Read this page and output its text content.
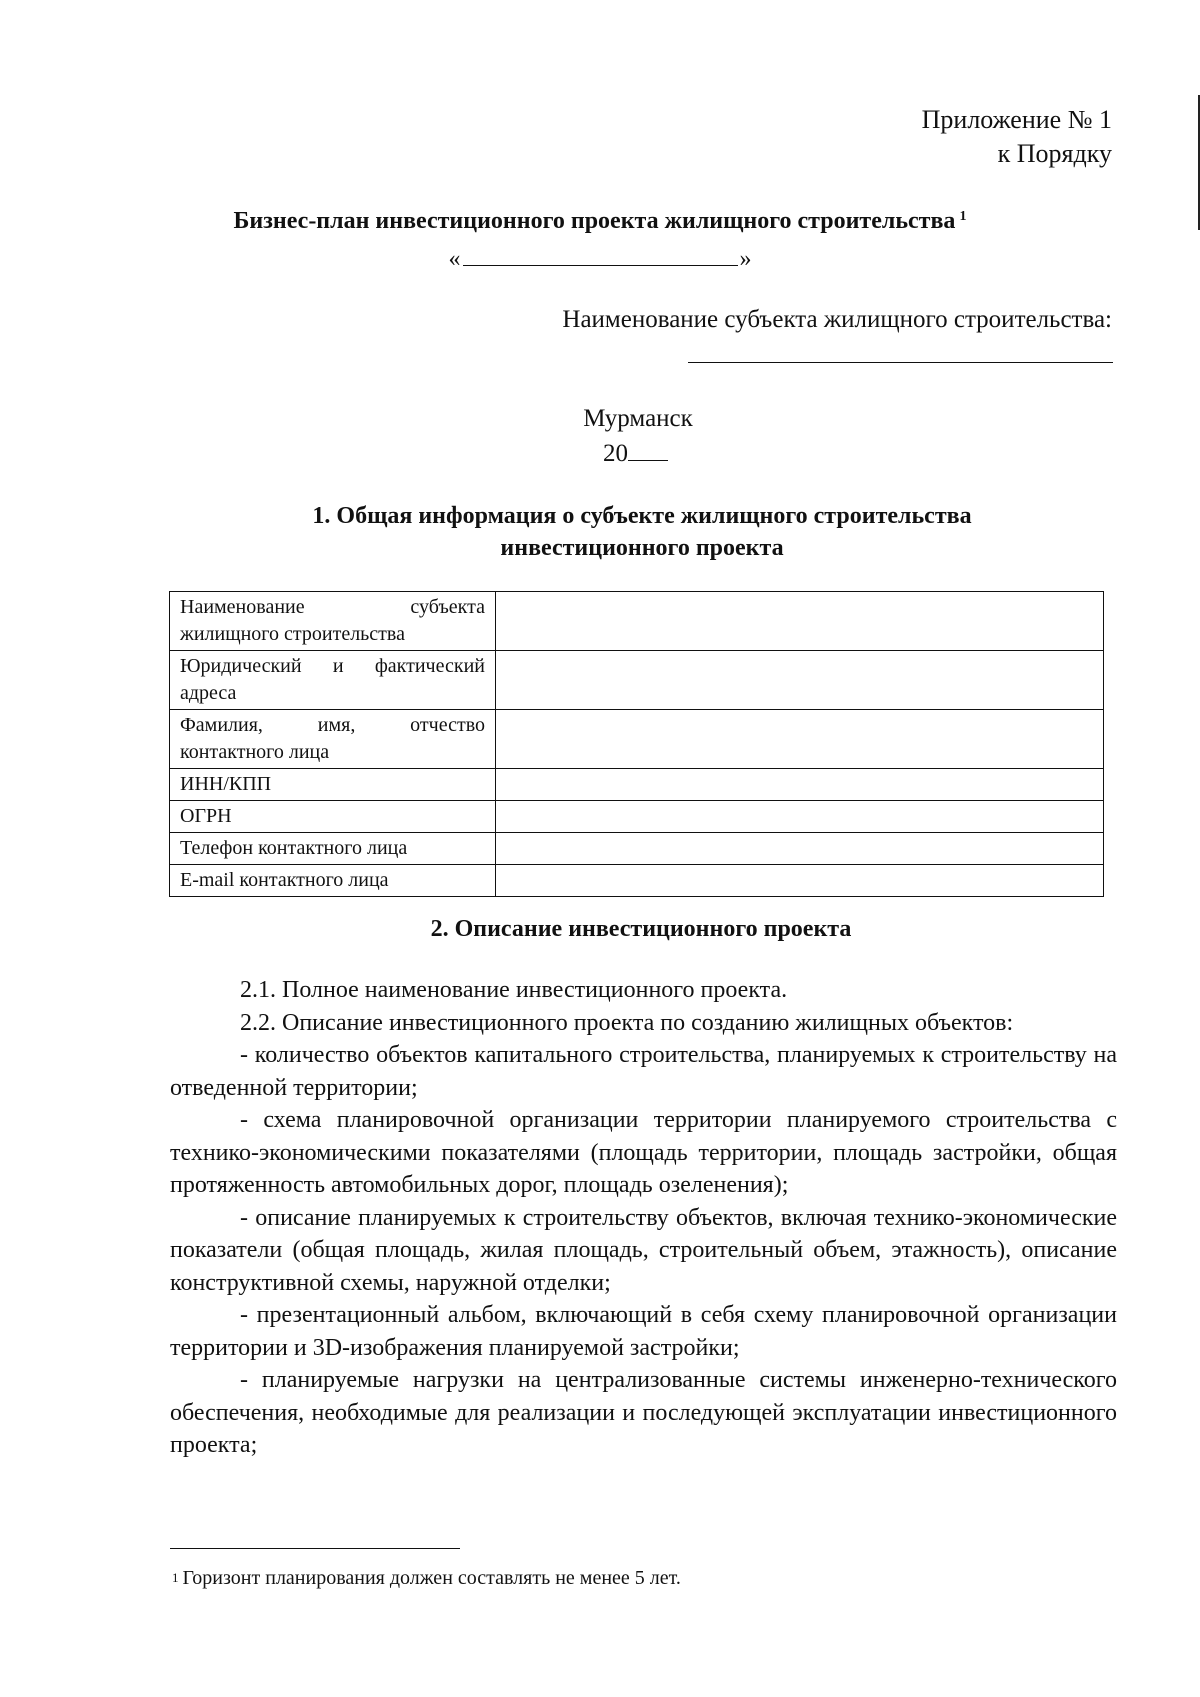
Приложение № 1
к Порядку
Бизнес-план инвестиционного проекта жилищного строительства $^1$
«	»
Наименование субъекта жилищного строительства:
Мурманск
20
1. Общая информация о субъекте жилищного строительства
инвестиционного проекта
Наименование субъекта жилищного строительства	
Юридический и фактический адреса	
Фамилия, имя, отчество контактного лица	
ИНН/КПП	
ОГРН	
Телефон контактного лица	
E-mail контактного лица	
2. Описание инвестиционного проекта

2.1. Полное наименование инвестиционного проекта.

2.2. Описание инвестиционного проекта по созданию жилищных объектов:

- количество объектов капитального строительства, планируемых к строительству на отведенной территории;

- схема планировочной организации территории планируемого строительства с технико-экономическими показателями (площадь территории, площадь застройки, общая протяженность автомобильных дорог, площадь озеленения);

- описание планируемых к строительству объектов, включая технико-экономические показатели (общая площадь, жилая площадь, строительный объем, этажность), описание конструктивной схемы, наружной отделки;

- презентационный альбом, включающий в себя схему планировочной организации территории и 3D-изображения планируемой застройки;

- планируемые нагрузки на централизованные системы инженерно-технического обеспечения, необходимые для реализации и последующей эксплуатации инвестиционного проекта;

$^1$ Горизонт планирования должен составлять не менее 5 лет.
